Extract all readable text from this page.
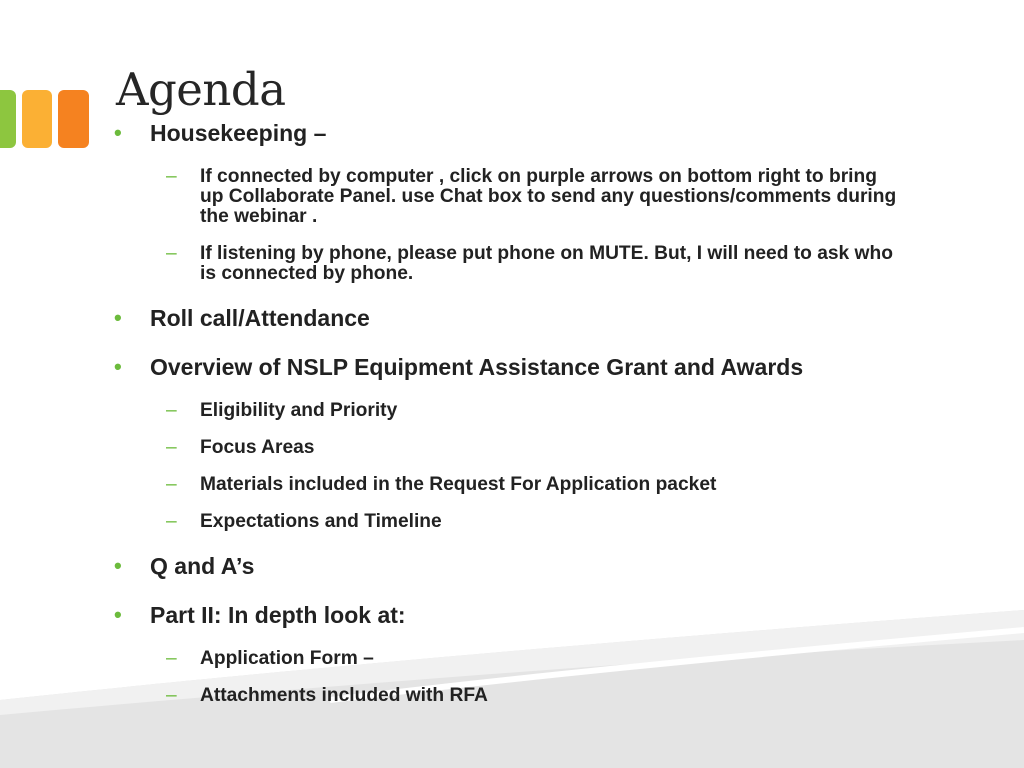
Agenda
•	Housekeeping –
– If connected by computer , click on purple arrows on bottom right to bring up Collaborate Panel. use Chat box to send any questions/comments during the webinar .
– If listening by phone, please put phone on MUTE. But, I will need to ask who is connected by phone.
•	Roll call/Attendance
•	Overview of NSLP Equipment Assistance Grant and Awards
– Eligibility and Priority
– Focus Areas
– Materials included in the Request For Application packet
– Expectations and Timeline
•	Q and A’s
•	Part II: In depth look at:
– Application Form –
– Attachments included with RFA
